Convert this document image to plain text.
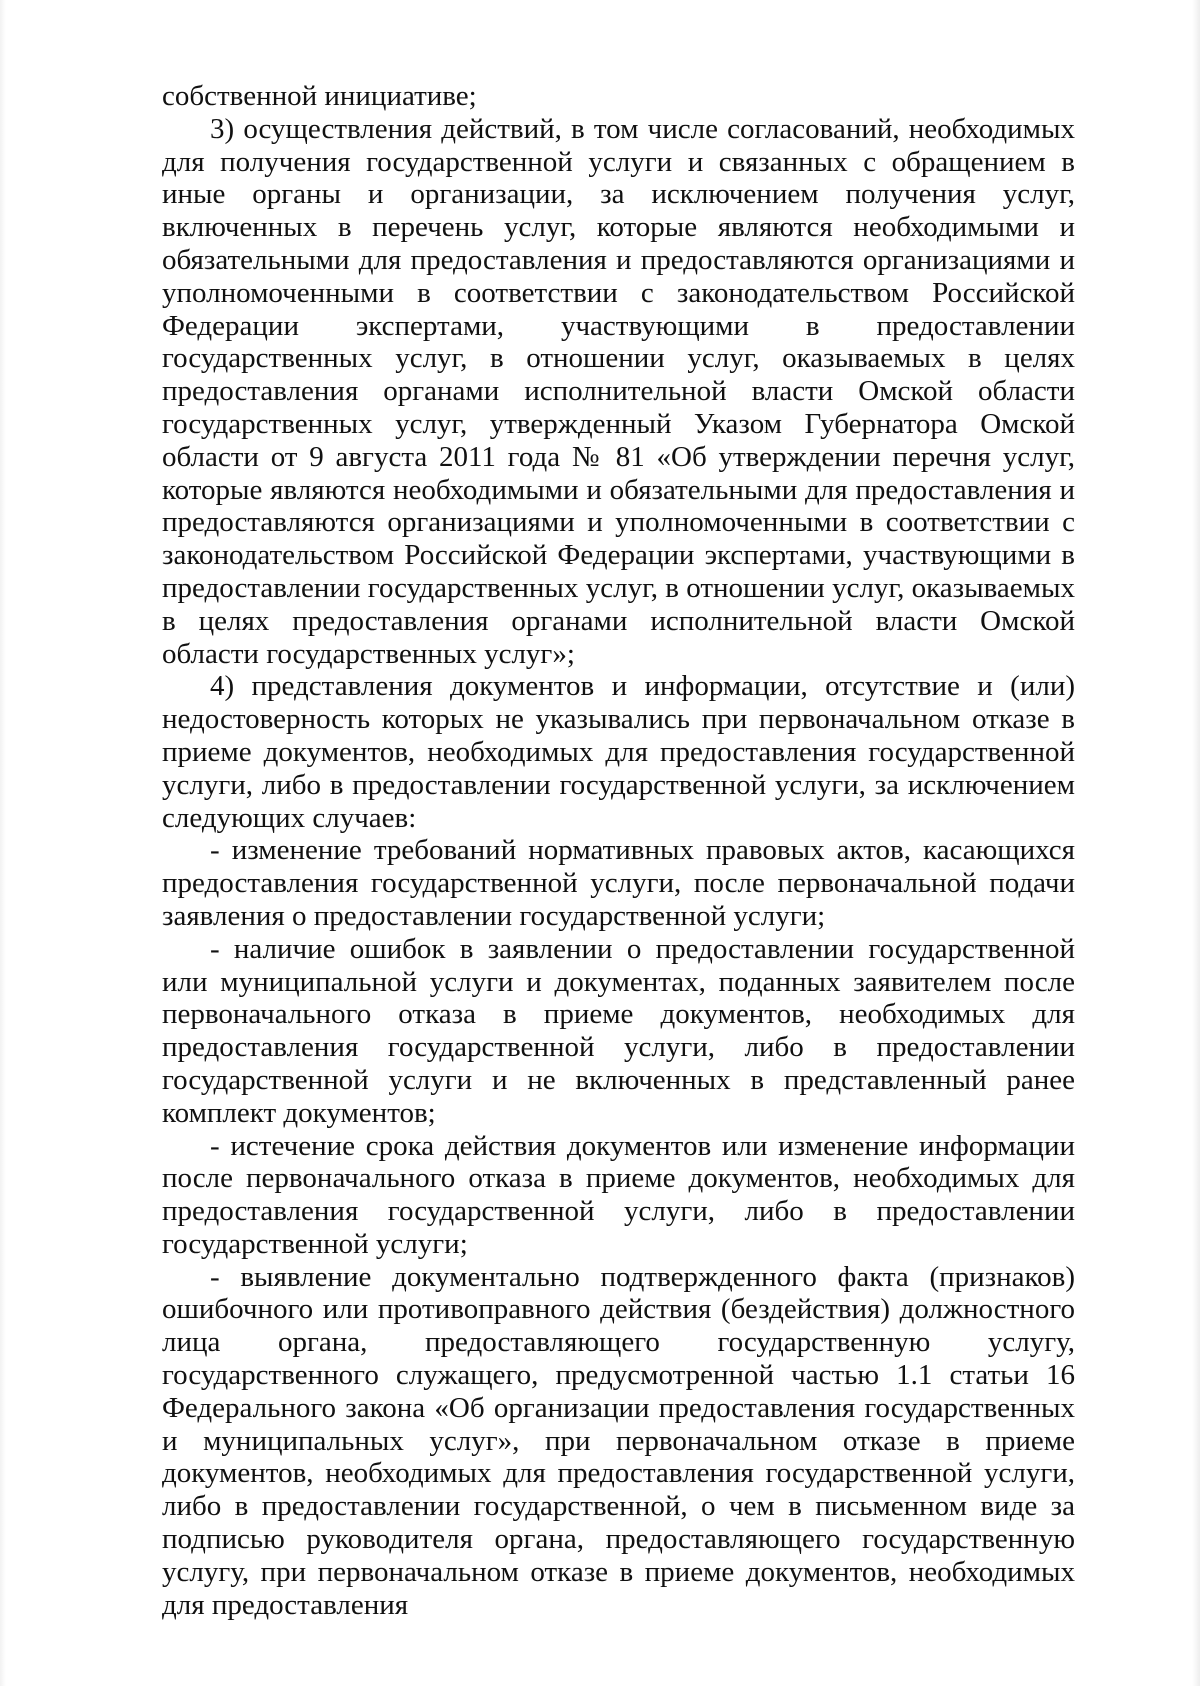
собственной инициативе;

3) осуществления действий, в том числе согласований, необходимых для получения государственной услуги и связанных с обращением в иные органы и организации, за исключением получения услуг, включенных в перечень услуг, которые являются необходимыми и обязательными для предоставления и предоставляются организациями и уполномоченными в соответствии с законодательством Российской Федерации экспертами, участвующими в предоставлении государственных услуг, в отношении услуг, оказываемых в целях предоставления органами исполнительной власти Омской области государственных услуг, утвержденный Указом Губернатора Омской области от 9 августа 2011 года № 81 «Об утверждении перечня услуг, которые являются необходимыми и обязательными для предоставления и предоставляются организациями и уполномоченными в соответствии с законодательством Российской Федерации экспертами, участвующими в предоставлении государственных услуг, в отношении услуг, оказываемых в целях предоставления органами исполнительной власти Омской области государственных услуг»;

4) представления документов и информации, отсутствие и (или) недостоверность которых не указывались при первоначальном отказе в приеме документов, необходимых для предоставления государственной услуги, либо в предоставлении государственной услуги, за исключением следующих случаев:

- изменение требований нормативных правовых актов, касающихся предоставления государственной услуги, после первоначальной подачи заявления о предоставлении государственной услуги;

- наличие ошибок в заявлении о предоставлении государственной или муниципальной услуги и документах, поданных заявителем после первоначального отказа в приеме документов, необходимых для предоставления государственной услуги, либо в предоставлении государственной услуги и не включенных в представленный ранее комплект документов;

- истечение срока действия документов или изменение информации после первоначального отказа в приеме документов, необходимых для предоставления государственной услуги, либо в предоставлении государственной услуги;

- выявление документально подтвержденного факта (признаков) ошибочного или противоправного действия (бездействия) должностного лица органа, предоставляющего государственную услугу, государственного служащего, предусмотренной частью 1.1 статьи 16 Федерального закона «Об организации предоставления государственных и муниципальных услуг», при первоначальном отказе в приеме документов, необходимых для предоставления государственной услуги, либо в предоставлении государственной, о чем в письменном виде за подписью руководителя органа, предоставляющего государственную услугу, при первоначальном отказе в приеме документов, необходимых для предоставления
